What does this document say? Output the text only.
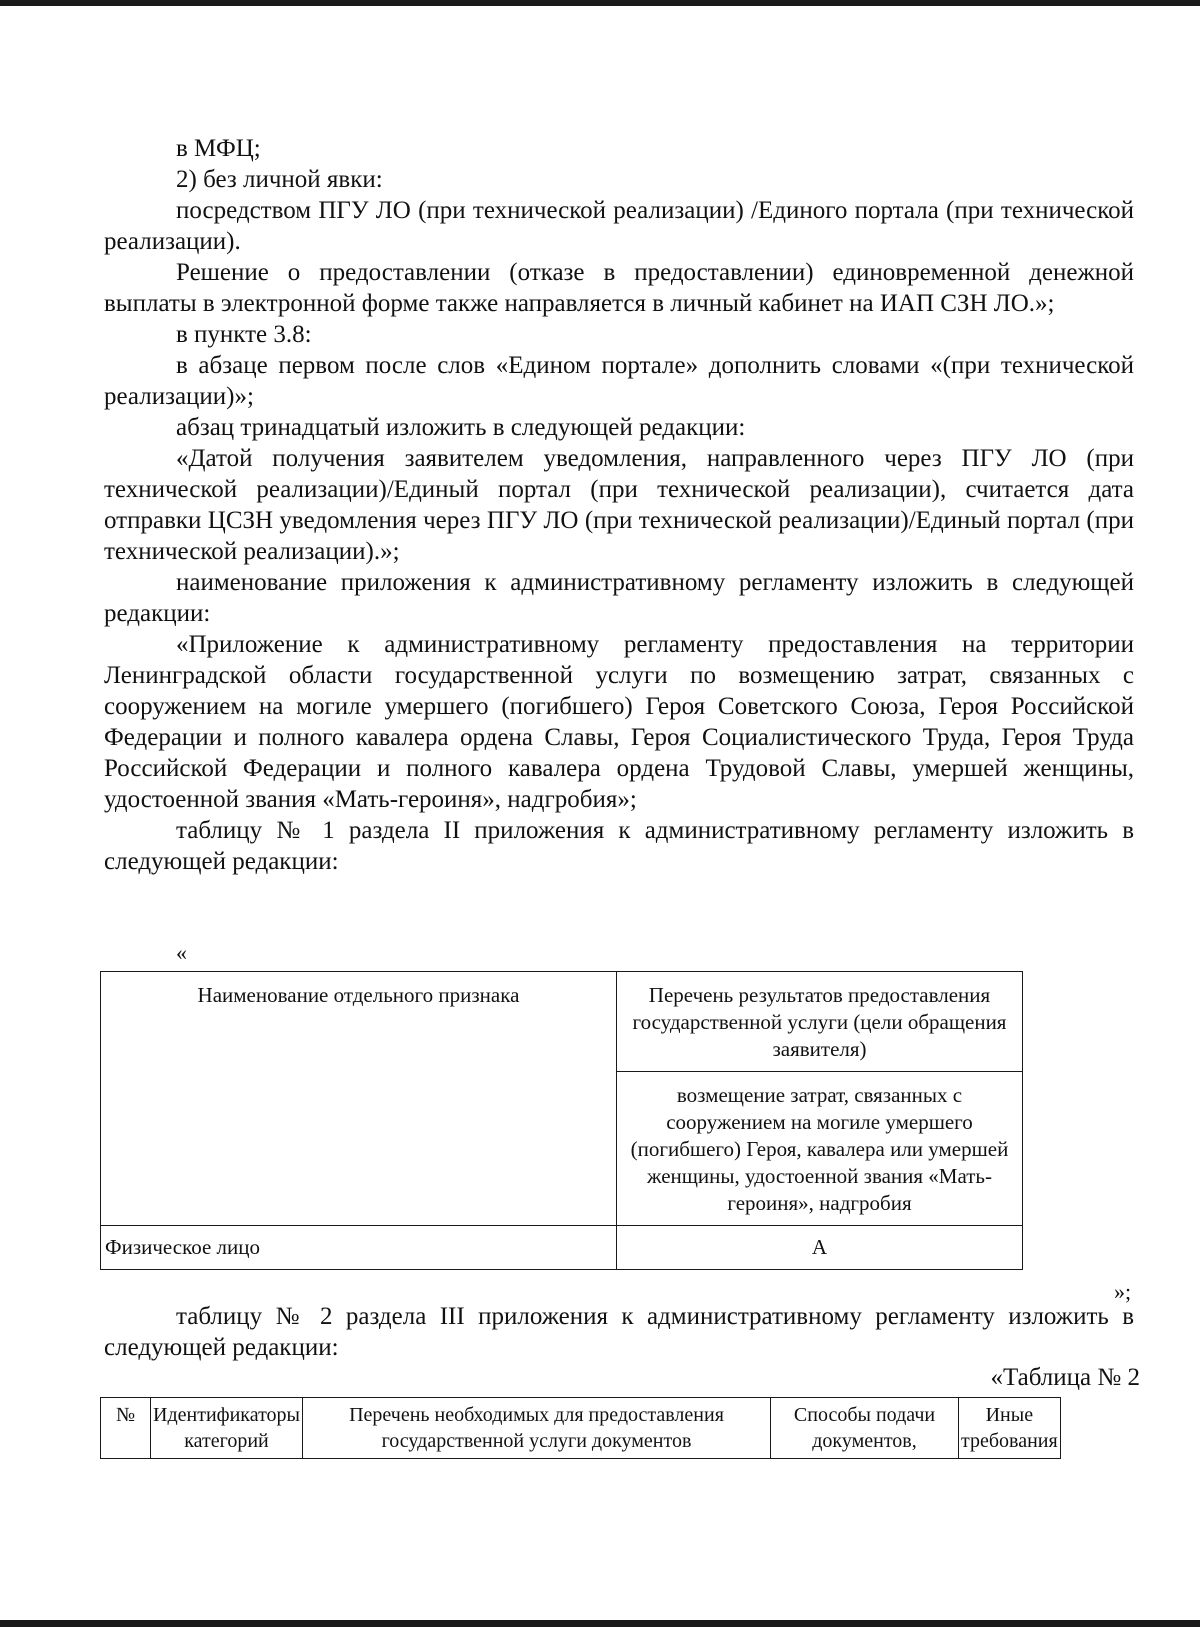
в МФЦ;

2) без личной явки:

посредством ПГУ ЛО (при технической реализации) /Единого портала (при технической реализации).

Решение о предоставлении (отказе в предоставлении) единовременной денежной выплаты в электронной форме также направляется в личный кабинет на ИАП СЗН ЛО.»;

в пункте 3.8:

в абзаце первом после слов «Едином портале» дополнить словами «(при технической реализации)»;

абзац тринадцатый изложить в следующей редакции:

«Датой получения заявителем уведомления, направленного через ПГУ ЛО (при технической реализации)/Единый портал (при технической реализации), считается дата отправки ЦСЗН уведомления через ПГУ ЛО (при технической реализации)/Единый портал (при технической реализации).»;

наименование приложения к административному регламенту изложить в следующей редакции:

«Приложение к административному регламенту предоставления на территории Ленинградской области государственной услуги по возмещению затрат, связанных с сооружением на могиле умершего (погибшего) Героя Советского Союза, Героя Российской Федерации и полного кавалера ордена Славы, Героя Социалистического Труда, Героя Труда Российской Федерации и полного кавалера ордена Трудовой Славы, умершей женщины, удостоенной звания «Мать-героиня», надгробия»;

таблицу № 1 раздела II приложения к административному регламенту изложить в следующей редакции:

«
Наименование отдельного признака	Перечень результатов предоставления государственной услуги (цели обращения заявителя)
	возмещение затрат, связанных с сооружением на могиле умершего (погибшего) Героя, кавалера или умершей женщины, удостоенной звания «Мать-героиня», надгробия
Физическое лицо	А
»;

таблицу № 2 раздела III приложения к административному регламенту изложить в следующей редакции:

«Таблица № 2
№	Идентификаторы категорий	Перечень необходимых для предоставления государственной услуги документов	Способы подачи документов,	Иные требования
